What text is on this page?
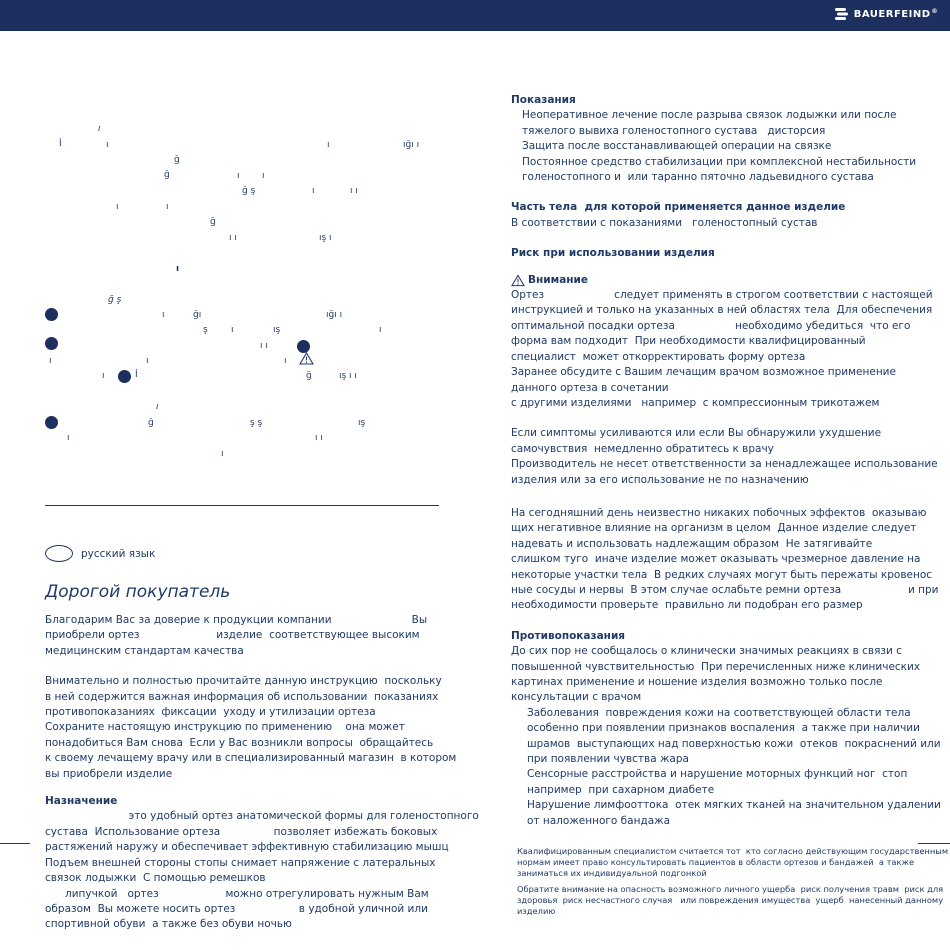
BAUERFEIND ®
ı
İ	ı	ı	ığı ı
ğ
ğ	ı ı
ğ ş	ı	ı ı
ı	ı
ğ
ı ı	ış ı
ı
ğ ş
ı	ğı	ığı ı
ş	ı	ış	ı
ı ı
ı	ı	ı
ı	İ	ğ	ış ı ı
ı
ğ	ş ş	ış
ı	ı ı
ı
русский язык
Дорогой покупатель
Благодарим Вас за доверие к продукции компании                        Вы
приобрели ортез                       изделие  соответствующее высоким
медицинским стандартам качества
Внимательно и полностью прочитайте данную инструкцию  поскольку
в ней содержится важная информация об использовании  показаниях
противопоказаниях  фиксации  уходу и утилизации ортеза
Сохраните настоящую инструкцию по применению    она может
понадобиться Вам снова  Если у Вас возникли вопросы  обращайтесь
к своему лечащему врачу или в специализированный магазин  в котором
вы приобрели изделие
Назначение
это удобный ортез анатомической формы для голеностопного
сустава  Использование ортеза                позволяет избежать боковых
растяжений наружу и обеспечивает эффективную стабилизацию мышц
Подъем внешней стороны стопы снимает напряжение с латеральных
связок лодыжки  С помощью ремешков
липучкой   ортез                    можно отрегулировать нужным Вам
образом  Вы можете носить ортез                   в удобной уличной или
спортивной обуви  а также без обуви ночью
Показания
Неоперативное лечение после разрыва связок лодыжки или после
тяжелого вывиха голеностопного сустава   дисторсия
Защита после восстанавливающей операции на связке
Постоянное средство стабилизации при комплексной нестабильности
голеностопного и  или таранно пяточно ладьевидного сустава
Часть тела  для которой применяется данное изделие
В соответствии с показаниями   голеностопный сустав
Риск при использовании изделия
Внимание
Ортез                     следует применять в строгом соответствии с настоящей
инструкцией и только на указанных в ней областях тела  Для обеспечения
оптимальной посадки ортеза                  необходимо убедиться  что его
форма вам подходит  При необходимости квалифицированный
специалист  может откорректировать форму ортеза
Заранее обсудите с Вашим лечащим врачом возможное применение
данного ортеза в сочетании
с другими изделиями   например  с компрессионным трикотажем
Если симптомы усиливаются или если Вы обнаружили ухудшение
самочувствия  немедленно обратитесь к врачу
Производитель не несет ответственности за ненадлежащее использование
изделия или за его использование не по назначению
На сегодняшний день неизвестно никаких побочных эффектов  оказываю
щих негативное влияние на организм в целом  Данное изделие следует
надевать и использовать надлежащим образом  Не затягивайте
слишком туго  иначе изделие может оказывать чрезмерное давление на
некоторые участки тела  В редких случаях могут быть пережаты кровенос
ные сосуды и нервы  В этом случае ослабьте ремни ортеза                    и при
необходимости проверьте  правильно ли подобран его размер
Противопоказания
До сих пор не сообщалось о клинически значимых реакциях в связи с
повышенной чувствительностью  При перечисленных ниже клинических
картинах применение и ношение изделия возможно только после
консультации с врачом
Заболевания  повреждения кожи на соответствующей области тела
особенно при появлении признаков воспаления  а также при наличии
шрамов  выступающих над поверхностью кожи  отеков  покраснений или
при появлении чувства жара
Сенсорные расстройства и нарушение моторных функций ног  стоп
например  при сахарном диабете
Нарушение лимфооттока  отек мягких тканей на значительном удалении
от наложенного бандажа
Квалифицированным специалистом считается тот  кто согласно действующим государственным
нормам имеет право консультировать пациентов в области ортезов и бандажей  а также
заниматься их индивидуальной подгонкой
Обратите внимание на опасность возможного личного ущерба  риск получения травм  риск для
здоровья  риск несчастного случая   или повреждения имущества  ущерб  нанесенный данному
изделию
